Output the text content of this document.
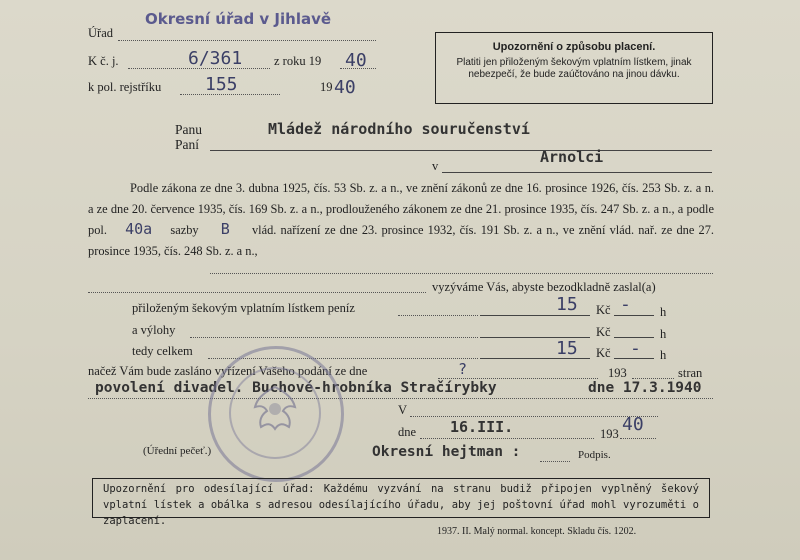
Úřad
Okresní úřad v Jihlavě
K č. j.	6/361	z roku 19 40
k pol. rejstříku 155	19 40
Upozornění o způsobu placení.
Platiti jen přiloženým šekovým vplatním lístkem, jinak nebezpečí, že bude zaúčtováno na jinou dávku.
Panu
Paní
Mládež národního souručenství
v	Arnolci
Podle zákona ze dne 3. dubna 1925, čís. 53 Sb. z. a n., ve znění zákonů ze dne 16. prosince 1926, čís. 253 Sb. z. a n. a ze dne 20. července 1935, čís. 169 Sb. z. a n., prodlouženého zákonem ze dne 21. prosince 1935, čís. 247 Sb. z. a n., a podle pol. 40a sazby B vlád. nařízení ze dne 23. prosince 1932, čís. 191 Sb. z. a n., ve znění vlád. nař. ze dne 27. prosince 1935, čís. 248 Sb. z. a n.,
vyzýváme Vás, abyste bezodkladně zaslal(a)
přiloženým šekovým vplatním lístkem peníz	15 Kč - h
a výlohy	Kč	h
tedy celkem	15 Kč - h
načež Vám bude zasláno vyřízení Vašeho podání ze dne	?	193	stran
povolení divadel. Buchové-hrobníka Stračírybky	dne 17.3.1940
V
dne 16.III.	193 40
(Úřední pečeť.)	Okresní hejtman :	Podpis.
Upozornění pro odesílající úřad: Každému vyzvání na stranu budiž připojen vyplněný šekový vplatní lístek a obálka s adresou odesílajícího úřadu, aby jej poštovní úřad mohl vyrozuměti o zaplacení.
1937. II. Malý normal. koncept. Skladu čís. 1202.
